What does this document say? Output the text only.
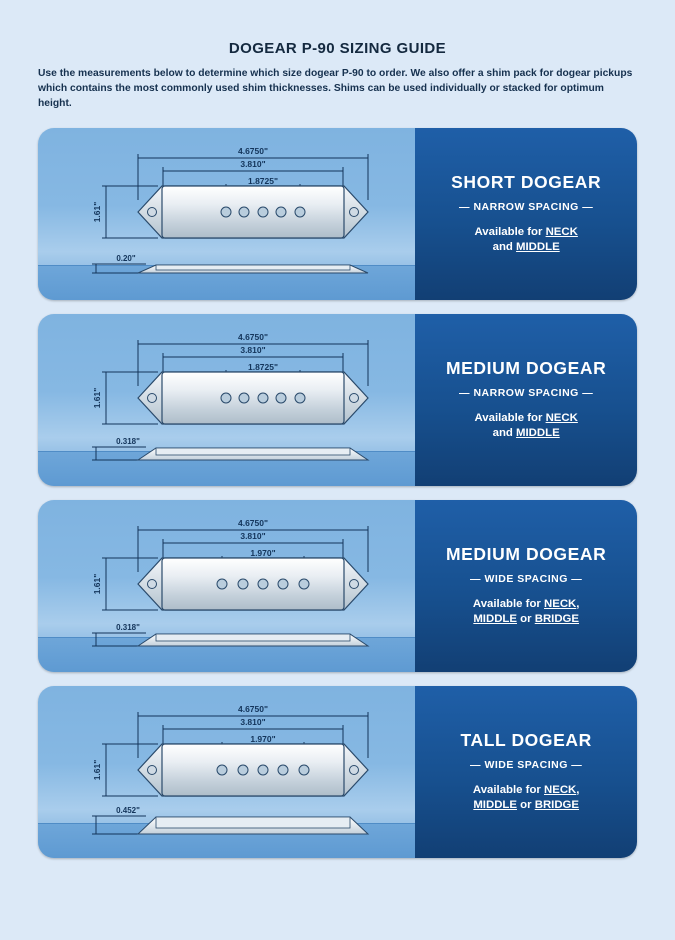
DOGEAR P-90 SIZING GUIDE
Use the measurements below to determine which size dogear P-90 to order. We also offer a shim pack for dogear pickups which contains the most commonly used shim thicknesses. Shims can be used individually or stacked for optimum height.
4.6750"
3.810"
1.8725"
1.61"
0.20"
SHORT DOGEAR
— NARROW SPACING —
Available for NECK
and MIDDLE
4.6750"
3.810"
1.8725"
1.61"
0.318"
MEDIUM DOGEAR
— NARROW SPACING —
Available for NECK
and MIDDLE
4.6750"
3.810"
1.970"
1.61"
0.318"
MEDIUM DOGEAR
— WIDE SPACING —
Available for NECK,
MIDDLE or BRIDGE
4.6750"
3.810"
1.970"
1.61"
0.452"
TALL DOGEAR
— WIDE SPACING —
Available for NECK,
MIDDLE or BRIDGE
